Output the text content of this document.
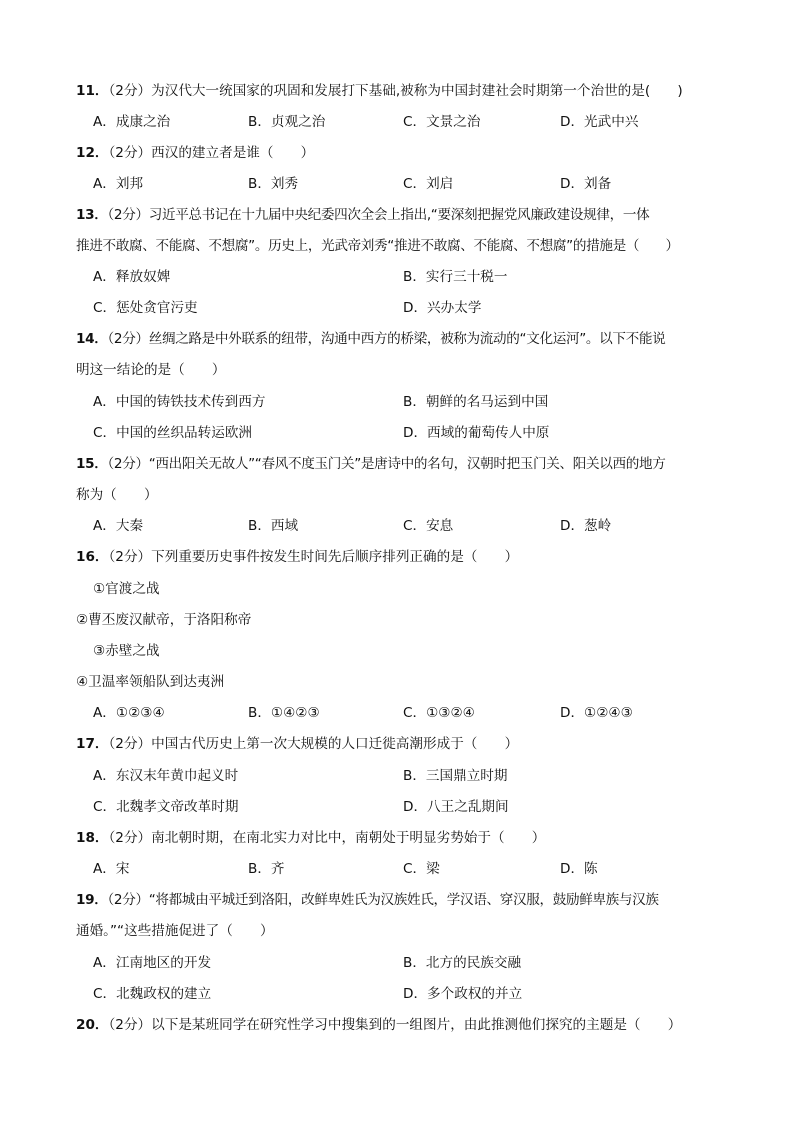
11．（2分）为汉代大一统国家的巩固和发展打下基础,被称为中国封建社会时期第一个治世的是(　　)
A．成康之治	B．贞观之治	C．文景之治	D．光武中兴
12．（2分）西汉的建立者是谁（　　）
A．刘邦	B．刘秀	C．刘启	D．刘备
13．（2分）习近平总书记在十九届中央纪委四次全会上指出,“要深刻把握党风廉政建设规律，一体
推进不敢腐、不能腐、不想腐”。历史上，光武帝刘秀“推进不敢腐、不能腐、不想腐”的措施是（　　）
A．释放奴婢	B．实行三十税一
C．惩处贪官污吏	D．兴办太学
14．（2分）丝绸之路是中外联系的纽带，沟通中西方的桥梁，被称为流动的“文化运河”。以下不能说
明这一结论的是（　　）
A．中国的铸铁技术传到西方	B．朝鲜的名马运到中国
C．中国的丝织品转运欧洲	D．西域的葡萄传人中原
15．（2分）“西出阳关无故人”“春风不度玉门关”是唐诗中的名句，汉朝时把玉门关、阳关以西的地方
称为（　　）
A．大秦	B．西域	C．安息	D．葱岭
16．（2分）下列重要历史事件按发生时间先后顺序排列正确的是（　　）
①官渡之战
②曹丕废汉献帝，于洛阳称帝
③赤壁之战
④卫温率领船队到达夷洲
A．①②③④	B．①④②③	C．①③②④	D．①②④③
17．（2分）中国古代历史上第一次大规模的人口迁徙高潮形成于（　　）
A．东汉末年黄巾起义时	B．三国鼎立时期
C．北魏孝文帝改革时期	D．八王之乱期间
18．（2分）南北朝时期，在南北实力对比中，南朝处于明显劣势始于（　　）
A．宋	B．齐	C．梁	D．陈
19．（2分）“将都城由平城迁到洛阳，改鲜卑姓氏为汉族姓氏，学汉语、穿汉服，鼓励鲜卑族与汉族
通婚。”“这些措施促进了（　　）
A．江南地区的开发	B．北方的民族交融
C．北魏政权的建立	D．多个政权的并立
20．（2分）以下是某班同学在研究性学习中搜集到的一组图片，由此推测他们探究的主题是（　　）
